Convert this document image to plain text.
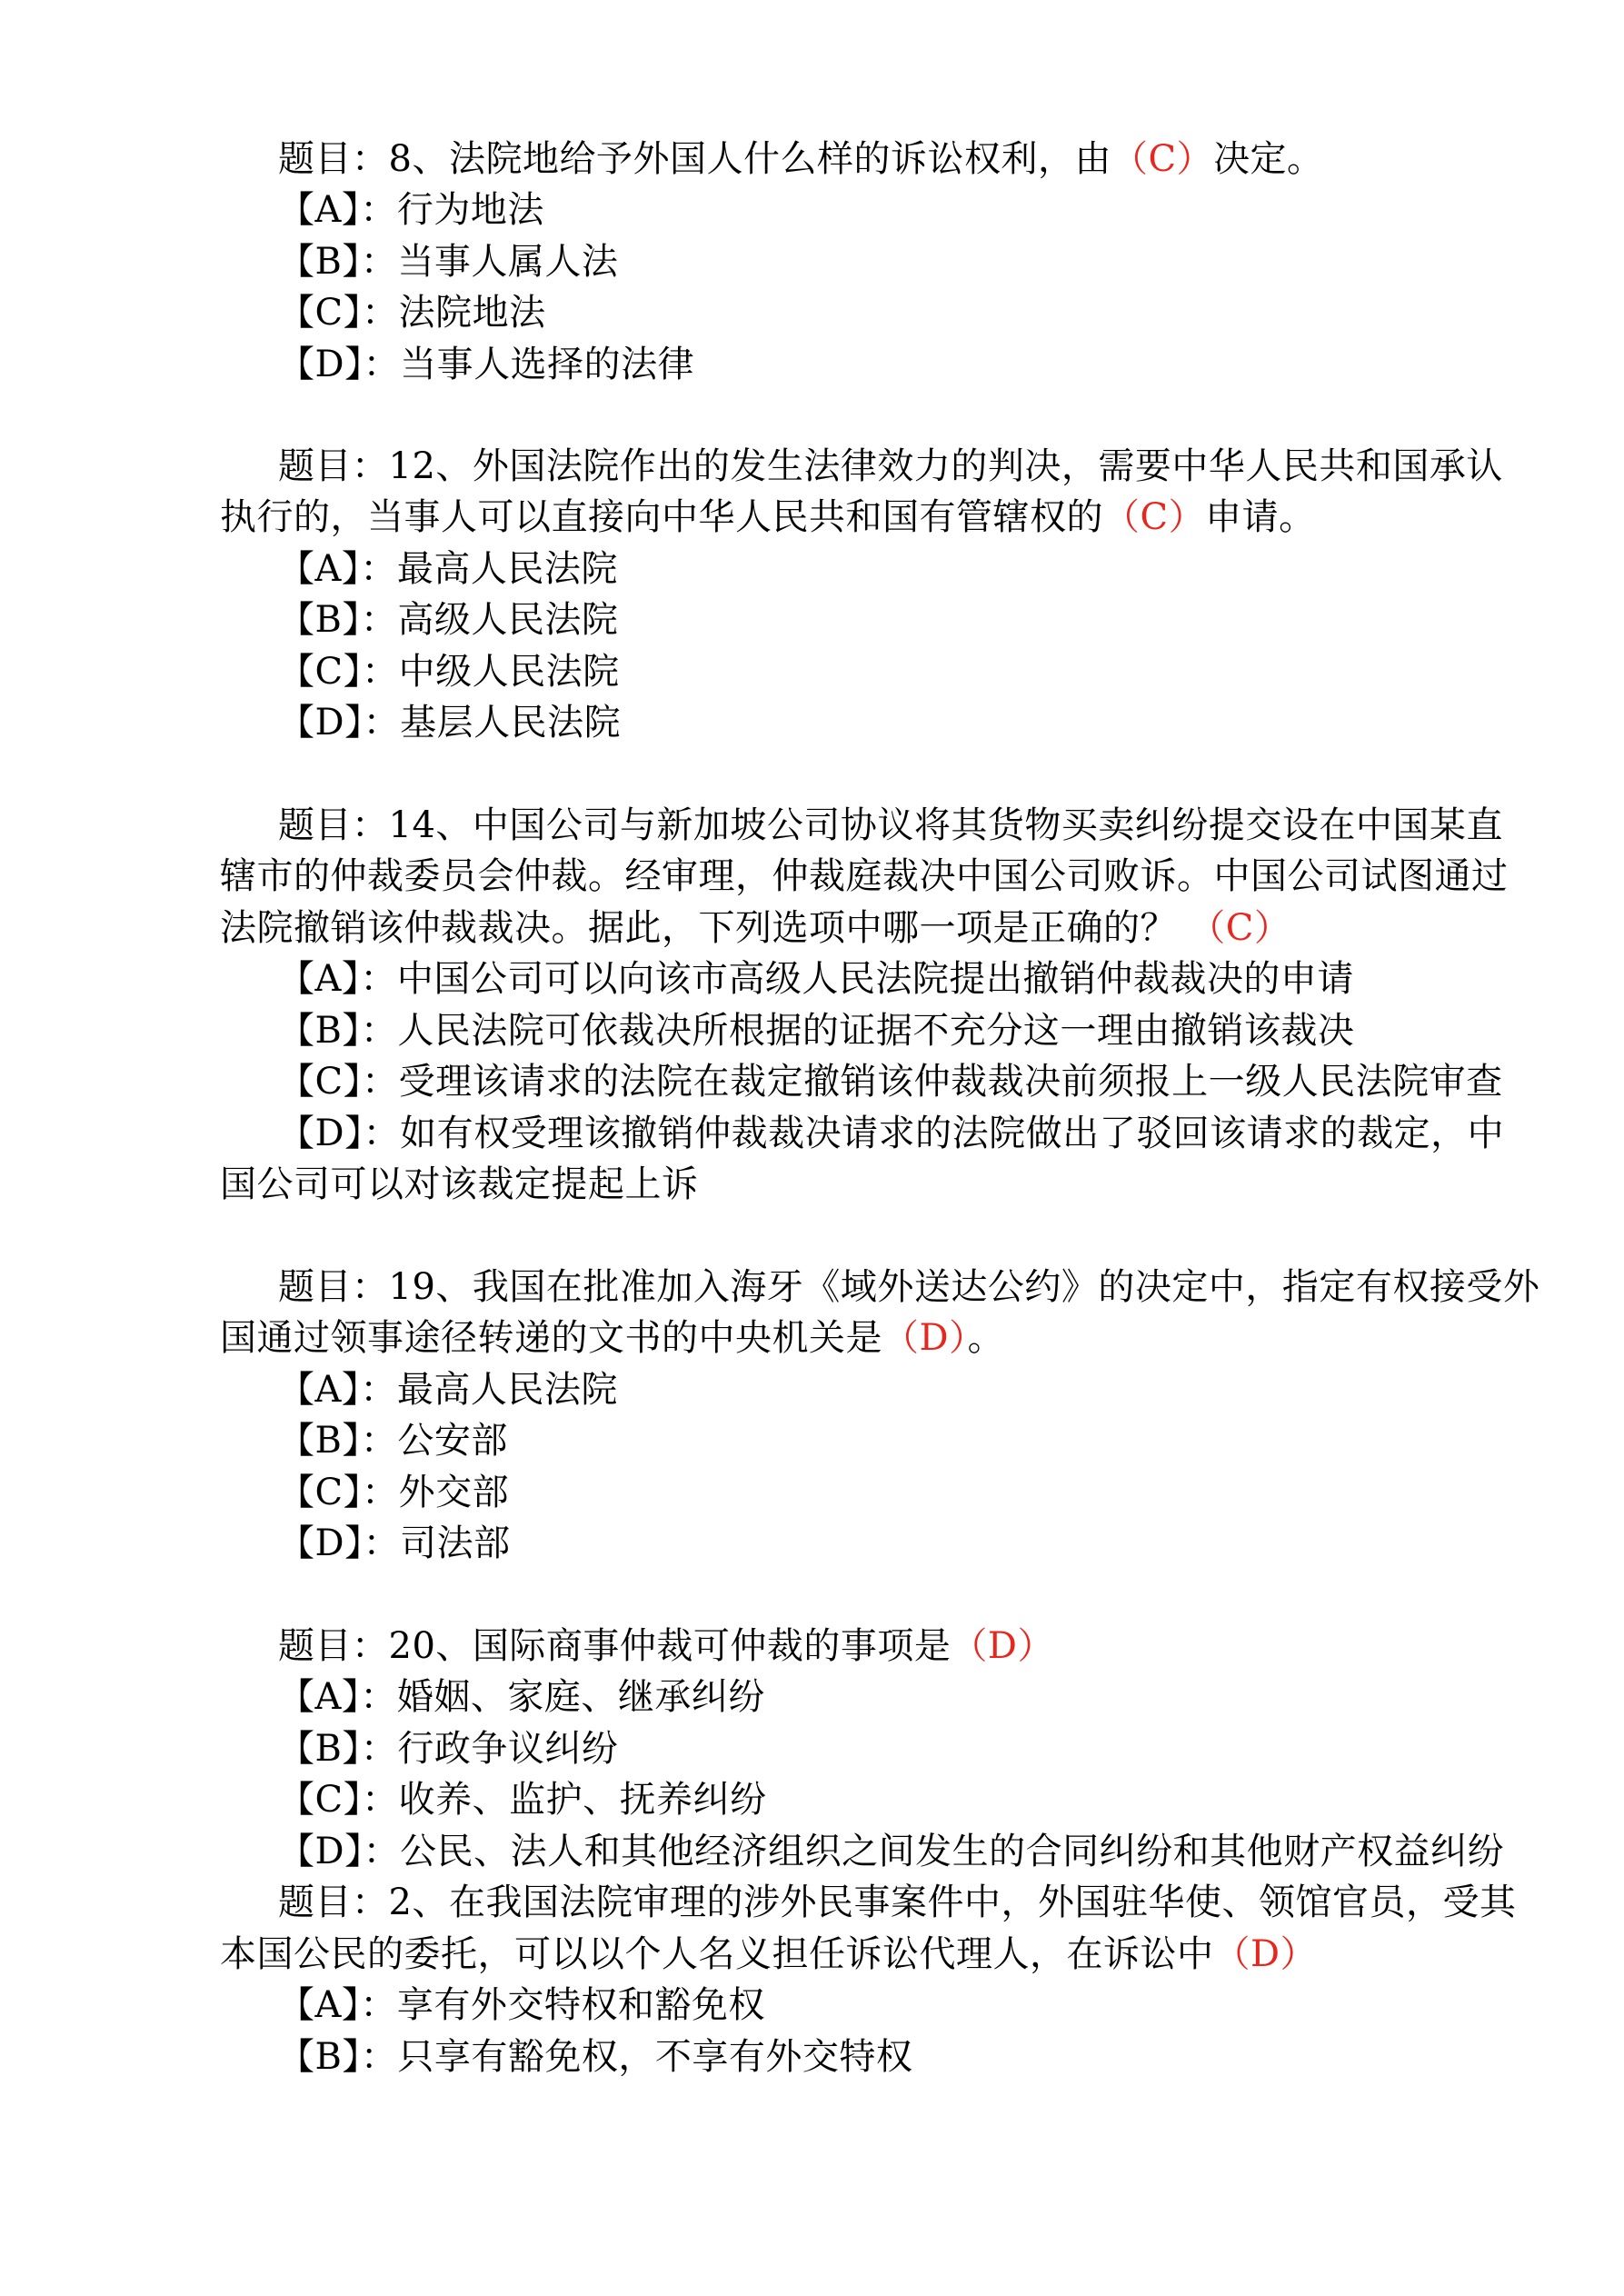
题目：8、法院地给予外国人什么样的诉讼权利，由（C）决定。
【A】：行为地法
【B】：当事人属人法
【C】：法院地法
【D】：当事人选择的法律
题目：12、外国法院作出的发生法律效力的判决，需要中华人民共和国承认
执行的，当事人可以直接向中华人民共和国有管辖权的（C）申请。
【A】：最高人民法院
【B】：高级人民法院
【C】：中级人民法院
【D】：基层人民法院
题目：14、中国公司与新加坡公司协议将其货物买卖纠纷提交设在中国某直
辖市的仲裁委员会仲裁。经审理，仲裁庭裁决中国公司败诉。中国公司试图通过
法院撤销该仲裁裁决。据此，下列选项中哪一项是正确的？ （C）
【A】：中国公司可以向该市高级人民法院提出撤销仲裁裁决的申请
【B】：人民法院可依裁决所根据的证据不充分这一理由撤销该裁决
【C】：受理该请求的法院在裁定撤销该仲裁裁决前须报上一级人民法院审查
【D】：如有权受理该撤销仲裁裁决请求的法院做出了驳回该请求的裁定，中
国公司可以对该裁定提起上诉
题目：19、我国在批准加入海牙《域外送达公约》的决定中，指定有权接受外
国通过领事途径转递的文书的中央机关是（D）。
【A】：最高人民法院
【B】：公安部
【C】：外交部
【D】：司法部
题目：20、国际商事仲裁可仲裁的事项是（D）
【A】：婚姻、家庭、继承纠纷
【B】：行政争议纠纷
【C】：收养、监护、抚养纠纷
【D】：公民、法人和其他经济组织之间发生的合同纠纷和其他财产权益纠纷
题目：2、在我国法院审理的涉外民事案件中，外国驻华使、领馆官员，受其
本国公民的委托，可以以个人名义担任诉讼代理人，在诉讼中（D）
【A】：享有外交特权和豁免权
【B】：只享有豁免权，不享有外交特权
